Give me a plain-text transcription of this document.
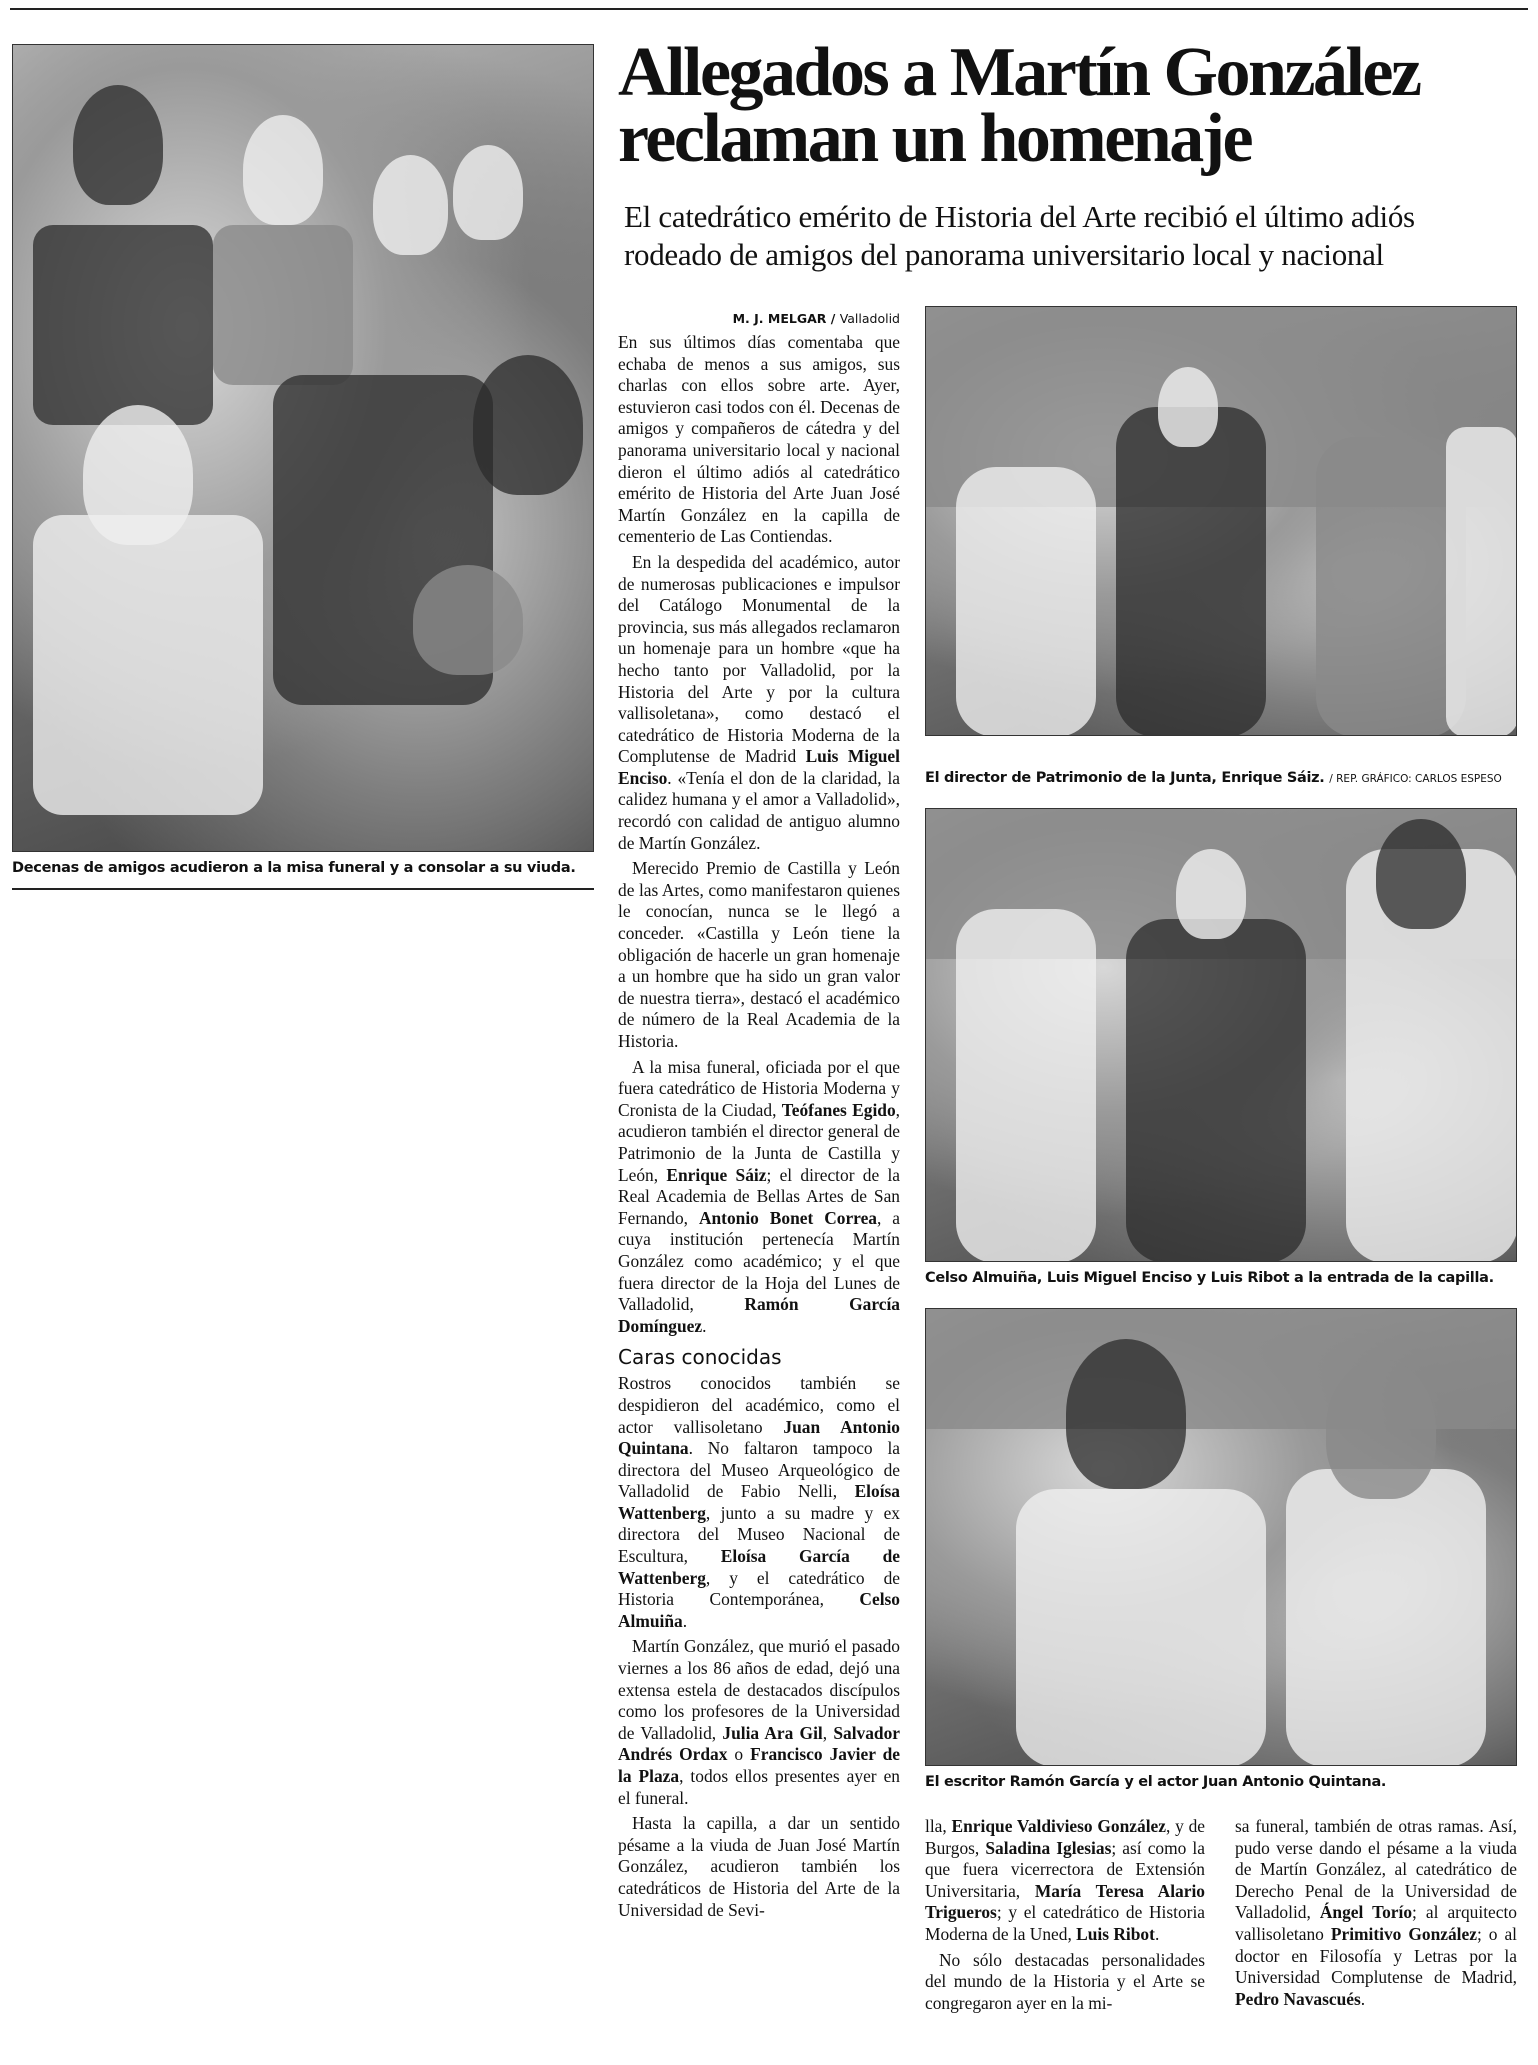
Decenas de amigos acudieron a la misa funeral y a consolar a su viuda.
Allegados a Martín González reclaman un homenaje
El catedrático emérito de Historia del Arte recibió el último adiós rodeado de amigos del panorama universitario local y nacional
M. J. MELGAR / Valladolid

En sus últimos días comentaba que echaba de menos a sus amigos, sus charlas con ellos sobre arte. Ayer, estuvieron casi todos con él. Decenas de amigos y compañeros de cátedra y del panorama universitario local y nacional dieron el último adiós al catedrático emérito de Historia del Arte Juan José Martín González en la capilla de cementerio de Las Contiendas.

En la despedida del académico, autor de numerosas publicaciones e impulsor del Catálogo Monumental de la provincia, sus más allegados reclamaron un homenaje para un hombre «que ha hecho tanto por Valladolid, por la Historia del Arte y por la cultura vallisoletana», como destacó el catedrático de Historia Moderna de la Complutense de Madrid Luis Miguel Enciso. «Tenía el don de la claridad, la calidez humana y el amor a Valladolid», recordó con calidad de antiguo alumno de Martín González.

Merecido Premio de Castilla y León de las Artes, como manifestaron quienes le conocían, nunca se le llegó a conceder. «Castilla y León tiene la obligación de hacerle un gran homenaje a un hombre que ha sido un gran valor de nuestra tierra», destacó el académico de número de la Real Academia de la Historia.

A la misa funeral, oficiada por el que fuera catedrático de Historia Moderna y Cronista de la Ciudad, Teófanes Egido, acudieron también el director general de Patrimonio de la Junta de Castilla y León, Enrique Sáiz; el director de la Real Academia de Bellas Artes de San Fernando, Antonio Bonet Correa, a cuya institución pertenecía Martín González como académico; y el que fuera director de la Hoja del Lunes de Valladolid, Ramón García Domínguez.

Caras conocidas

Rostros conocidos también se despidieron del académico, como el actor vallisoletano Juan Antonio Quintana. No faltaron tampoco la directora del Museo Arqueológico de Valladolid de Fabio Nelli, Eloísa Wattenberg, junto a su madre y ex directora del Museo Nacional de Escultura, Eloísa García de Wattenberg, y el catedrático de Historia Contemporánea, Celso Almuiña.

Martín González, que murió el pasado viernes a los 86 años de edad, dejó una extensa estela de destacados discípulos como los profesores de la Universidad de Valladolid, Julia Ara Gil, Salvador Andrés Ordax o Francisco Javier de la Plaza, todos ellos presentes ayer en el funeral.

Hasta la capilla, a dar un sentido pésame a la viuda de Juan José Martín González, acudieron también los catedráticos de Historia del Arte de la Universidad de Sevi-

El director de Patrimonio de la Junta, Enrique Sáiz. / REP. GRÁFICO: CARLOS ESPESO
Celso Almuiña, Luis Miguel Enciso y Luis Ribot a la entrada de la capilla.
El escritor Ramón García y el actor Juan Antonio Quintana.

lla, Enrique Valdivieso González, y de Burgos, Saladina Iglesias; así como la que fuera vicerrectora de Extensión Universitaria, María Teresa Alario Trigueros; y el catedrático de Historia Moderna de la Uned, Luis Ribot.

No sólo destacadas personalidades del mundo de la Historia y el Arte se congregaron ayer en la mi-

sa funeral, también de otras ramas. Así, pudo verse dando el pésame a la viuda de Martín González, al catedrático de Derecho Penal de la Universidad de Valladolid, Ángel Torío; al arquitecto vallisoletano Primitivo González; o al doctor en Filosofía y Letras por la Universidad Complutense de Madrid, Pedro Navascués.
